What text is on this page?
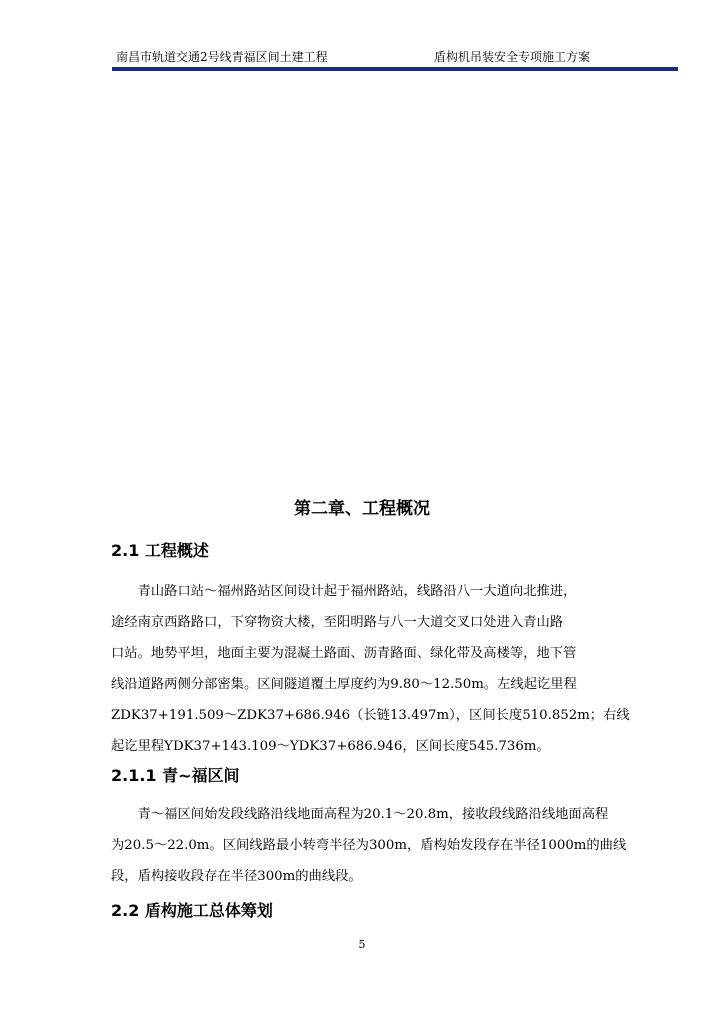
南昌市轨道交通2号线青福区间土建工程	盾构机吊装安全专项施工方案
第二章、工程概况
2.1 工程概述
　　青山路口站～福州路站区间设计起于福州路站，线路沿八一大道向北推进，
途经南京西路路口，下穿物资大楼，至阳明路与八一大道交叉口处进入青山路
口站。地势平坦，地面主要为混凝土路面、沥青路面、绿化带及高楼等，地下管
线沿道路两侧分部密集。区间隧道覆土厚度约为9.80～12.50m。左线起讫里程
ZDK37+191.509～ZDK37+686.946（长链13.497m），区间长度510.852m；右线
起讫里程YDK37+143.109～YDK37+686.946，区间长度545.736m。
2.1.1 青~福区间
　　青～福区间始发段线路沿线地面高程为20.1～20.8m，接收段线路沿线地面高程
为20.5～22.0m。区间线路最小转弯半径为300m，盾构始发段存在半径1000m的曲线
段，盾构接收段存在半径300m的曲线段。
2.2 盾构施工总体筹划
5
